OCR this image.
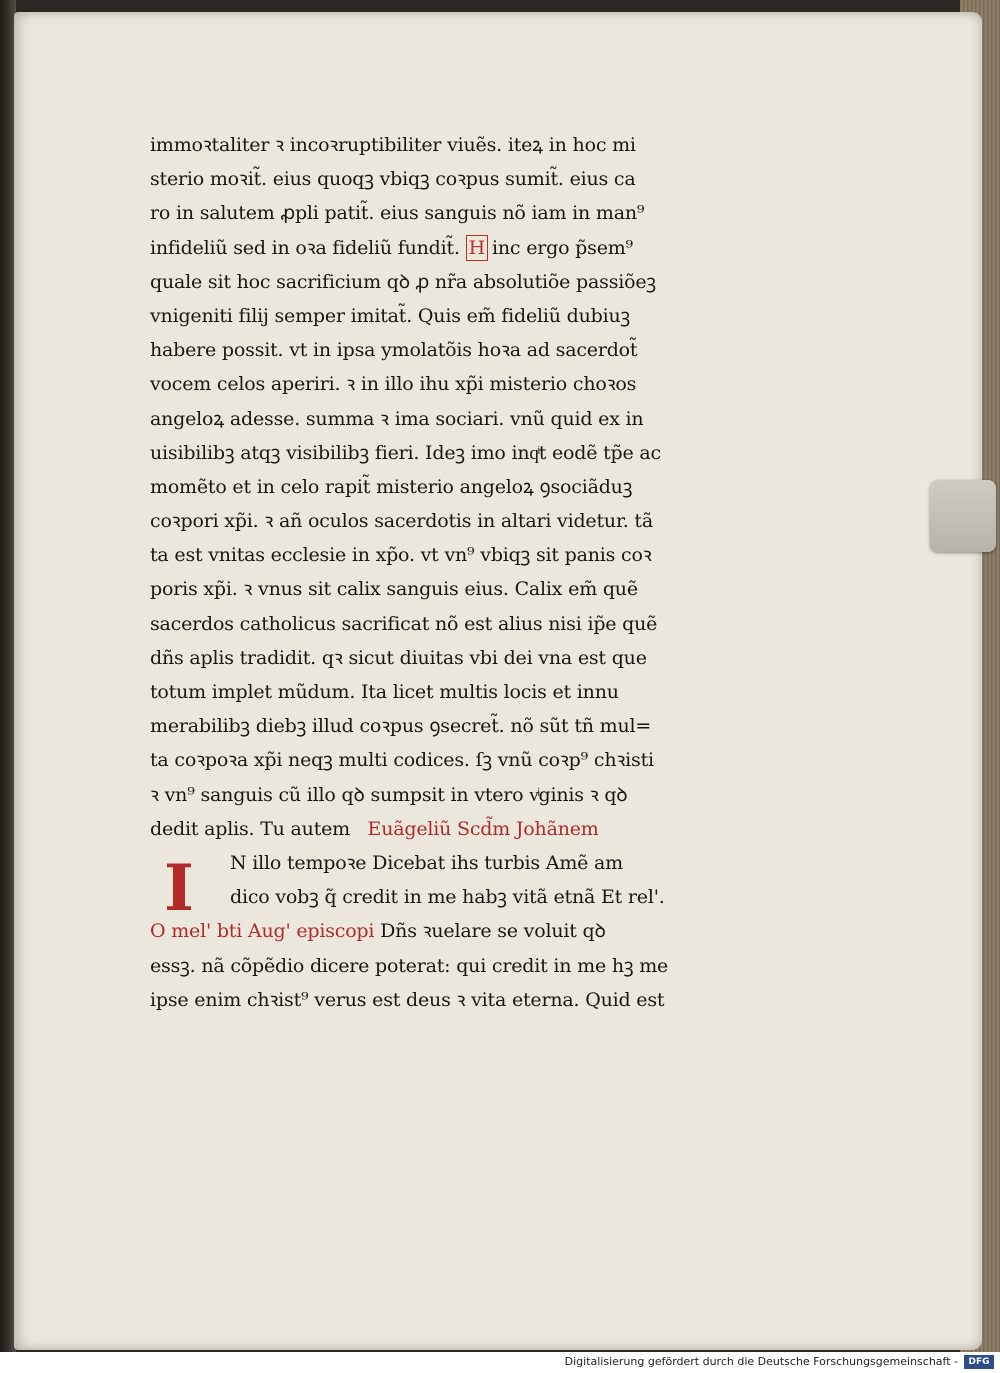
immoꝛtaliter ꝛ incoꝛruptibiliter viuẽs. iteꝝ in hoc mi
sterio moꝛit̃. eius quoqꝫ vbiqꝫ coꝛpus sumit̃. eius ca
ro in salutem ꝓpli patit̃. eius sanguis nõ iam in man⁹
infideliũ sed in oꝛa fideliũ fundit̃. H inc ergo p̃sem⁹
quale sit hoc sacrificium qꝺ ꝓ nr̃a absolutiõe passiõeꝫ
vnigeniti filij semper imitat̃. Quis em̃ fideliũ dubiuꝫ
habere possit. vt in ipsa ymolatõis hoꝛa ad sacerdot̃
vocem celos aperiri. ꝛ in illo ihu xp̃i misterio choꝛos
angeloꝝ adesse. summa ꝛ ima sociari. vnũ quid ex in
uisibilibꝫ atqꝫ visibilibꝫ fieri. Ideꝫ imo inqͥt eodẽ tp̃e ac
momẽto et in celo rapit̃ misterio angeloꝝ ꝯsociãduꝫ
coꝛpori xp̃i. ꝛ añ oculos sacerdotis in altari videtur. tã
ta est vnitas ecclesie in xp̃o. vt vn⁹ vbiqꝫ sit panis coꝛ
poris xp̃i. ꝛ vnus sit calix sanguis eius. Calix em̃ quẽ
sacerdos catholicus sacrificat nõ est alius nisi ip̃e quẽ
dñs aplis tradidit. qꝛ sicut diuitas vbi dei vna est que
totum implet mũdum. Ita licet multis locis et innu
merabilibꝫ diebꝫ illud coꝛpus ꝯsecret̃. nõ sũt tñ mul=
ta coꝛpoꝛa xp̃i neqꝫ multi codices. ſꝫ vnũ coꝛp⁹ chꝛisti
ꝛ vn⁹ sanguis cũ illo qꝺ sumpsit in vtero vͥginis ꝛ qꝺ
dedit aplis. Tu autem Euãgeliũ Scd̃m Johãnem
N illo tempoꝛe Dicebat ihs turbis Amẽ am
dico vobꝫ q̃ credit in me habꝫ vitã etnã Et rel'.
O mel' bti Aug' episcopi Dñs ꝛuelare se voluit qꝺ
essꝫ. nã cõpẽdio dicere poterat: qui credit in me hꝫ me
ipse enim chꝛist⁹ verus est deus ꝛ vita eterna. Quid est
I
Digitalisierung gefördert durch die Deutsche Forschungsgemeinschaft -	DFG
